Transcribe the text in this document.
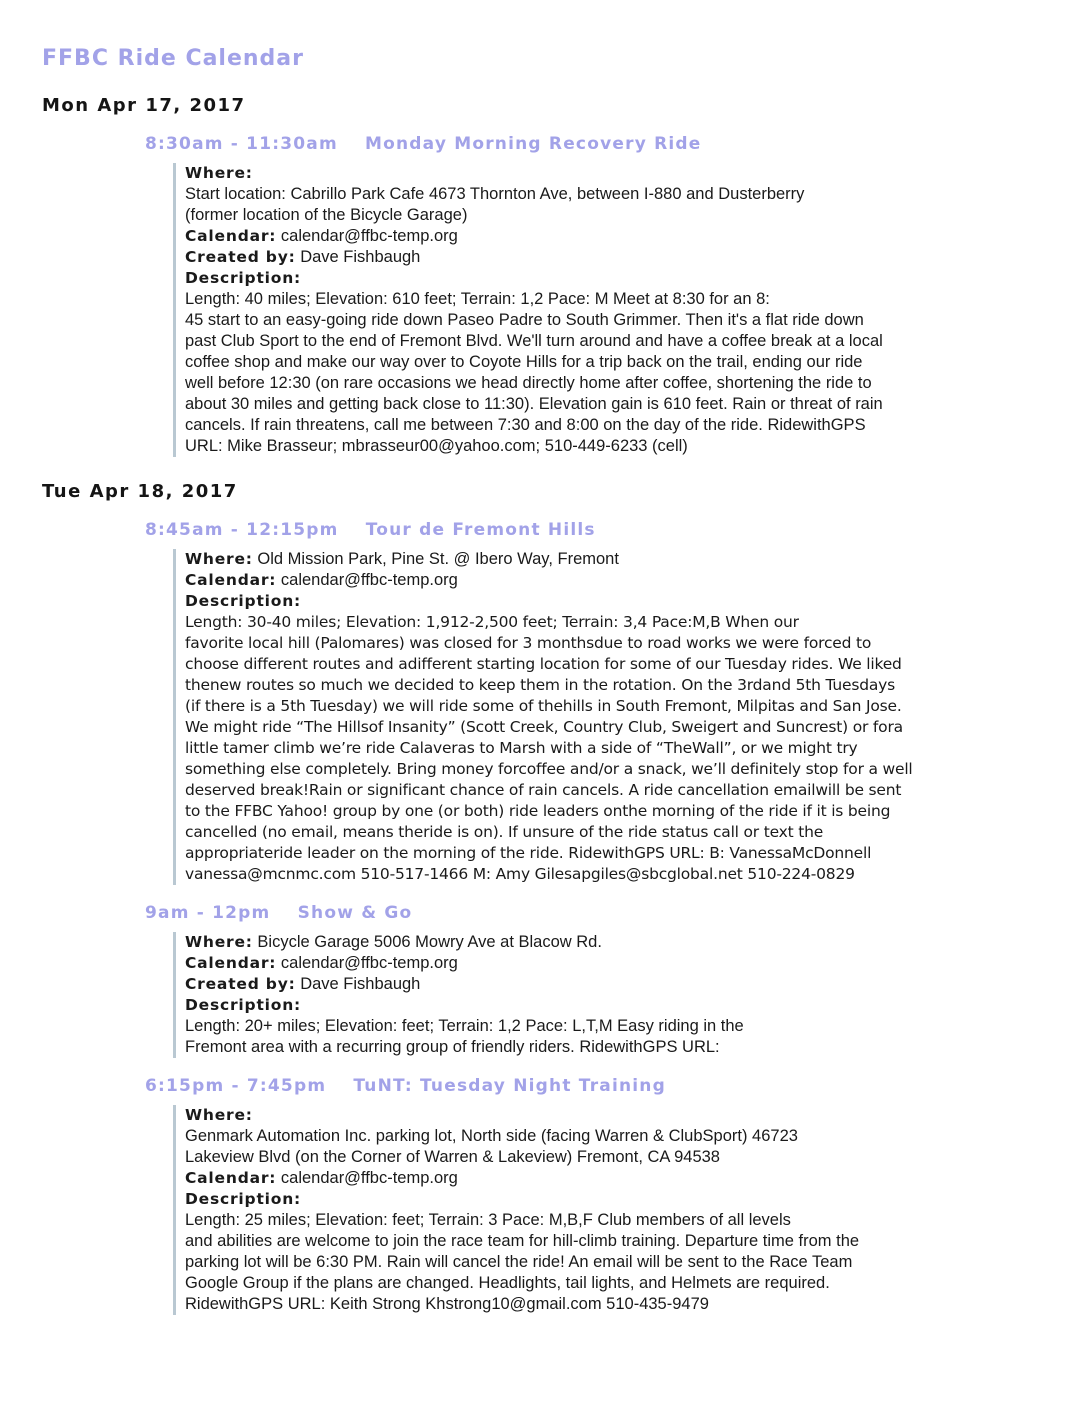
FFBC Ride Calendar
Mon Apr 17, 2017
8:30am - 11:30am Monday Morning Recovery Ride
Where:
Start location: Cabrillo Park Cafe 4673 Thornton Ave, between I-880 and Dusterberry
(former location of the Bicycle Garage)
Calendar: calendar@ffbc-temp.org
Created by: Dave Fishbaugh
Description:
Length: 40 miles; Elevation: 610 feet; Terrain: 1,2 Pace: M Meet at 8:30 for an 8:
45 start to an easy-going ride down Paseo Padre to South Grimmer. Then it's a flat ride down
past Club Sport to the end of Fremont Blvd. We'll turn around and have a coffee break at a local
coffee shop and make our way over to Coyote Hills for a trip back on the trail, ending our ride
well before 12:30 (on rare occasions we head directly home after coffee, shortening the ride to
about 30 miles and getting back close to 11:30). Elevation gain is 610 feet. Rain or threat of rain
cancels. If rain threatens, call me between 7:30 and 8:00 on the day of the ride. RidewithGPS
URL: Mike Brasseur; mbrasseur00@yahoo.com; 510-449-6233 (cell)
Tue Apr 18, 2017
8:45am - 12:15pm Tour de Fremont Hills
Where: Old Mission Park, Pine St. @ Ibero Way, Fremont
Calendar: calendar@ffbc-temp.org
Description:
Length: 30-40 miles; Elevation: 1,912-2,500 feet; Terrain: 3,4 Pace:M,B When our
favorite local hill (Palomares) was closed for 3 monthsdue to road works we were forced to
choose different routes and adifferent starting location for some of our Tuesday rides. We liked
thenew routes so much we decided to keep them in the rotation. On the 3rdand 5th Tuesdays
(if there is a 5th Tuesday) we will ride some of thehills in South Fremont, Milpitas and San Jose.
We might ride “The Hillsof Insanity” (Scott Creek, Country Club, Sweigert and Suncrest) or fora
little tamer climb we’re ride Calaveras to Marsh with a side of “TheWall”, or we might try
something else completely. Bring money forcoffee and/or a snack, we’ll definitely stop for a well
deserved break!Rain or significant chance of rain cancels. A ride cancellation emailwill be sent
to the FFBC Yahoo! group by one (or both) ride leaders onthe morning of the ride if it is being
cancelled (no email, means theride is on). If unsure of the ride status call or text the
appropriateride leader on the morning of the ride. RidewithGPS URL: B: VanessaMcDonnell
vanessa@mcnmc.com 510-517-1466 M: Amy Gilesapgiles@sbcglobal.net 510-224-0829
9am - 12pm Show & Go
Where: Bicycle Garage 5006 Mowry Ave at Blacow Rd.
Calendar: calendar@ffbc-temp.org
Created by: Dave Fishbaugh
Description:
Length: 20+ miles; Elevation: feet; Terrain: 1,2 Pace: L,T,M Easy riding in the
Fremont area with a recurring group of friendly riders. RidewithGPS URL:
6:15pm - 7:45pm TuNT: Tuesday Night Training
Where:
Genmark Automation Inc. parking lot, North side (facing Warren & ClubSport) 46723
Lakeview Blvd (on the Corner of Warren & Lakeview) Fremont, CA 94538
Calendar: calendar@ffbc-temp.org
Description:
Length: 25 miles; Elevation: feet; Terrain: 3 Pace: M,B,F Club members of all levels
and abilities are welcome to join the race team for hill-climb training. Departure time from the
parking lot will be 6:30 PM. Rain will cancel the ride! An email will be sent to the Race Team
Google Group if the plans are changed. Headlights, tail lights, and Helmets are required.
RidewithGPS URL: Keith Strong Khstrong10@gmail.com 510-435-9479
